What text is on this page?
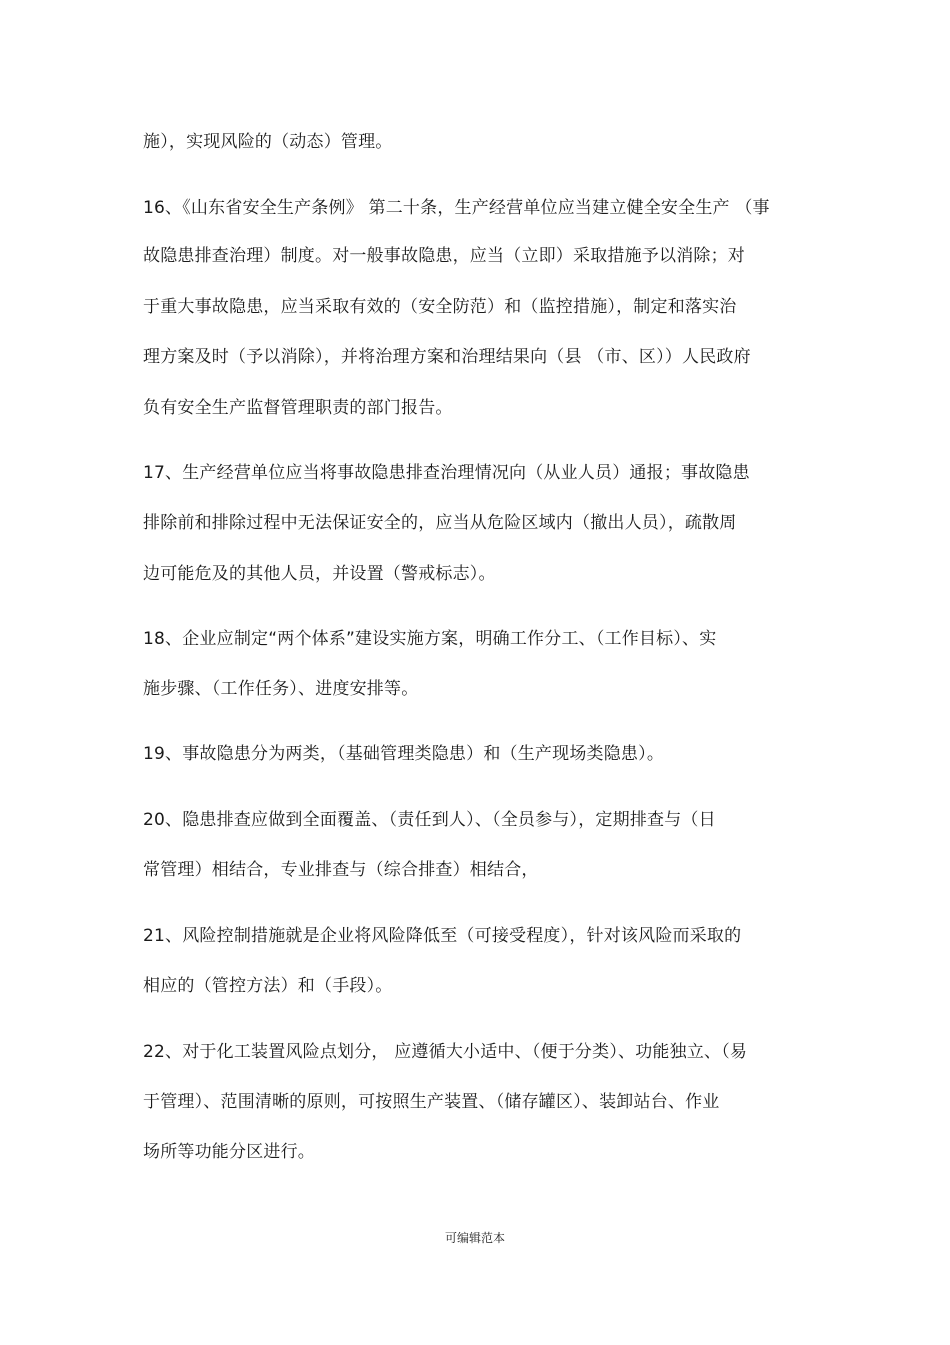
施），实现风险的（动态）管理。
16、《山东省安全生产条例》 第二十条，生产经营单位应当建立健全安全生产 （事
故隐患排查治理）制度。对一般事故隐患，应当（立即）采取措施予以消除；对
于重大事故隐患，应当采取有效的（安全防范）和（监控措施），制定和落实治
理方案及时（予以消除），并将治理方案和治理结果向（县 （市、区））人民政府
负有安全生产监督管理职责的部门报告。
17、生产经营单位应当将事故隐患排查治理情况向（从业人员）通报；事故隐患
排除前和排除过程中无法保证安全的，应当从危险区域内（撤出人员），疏散周
边可能危及的其他人员，并设置（警戒标志）。
18、企业应制定“两个体系”建设实施方案，明确工作分工、（工作目标）、实
施步骤、（工作任务）、进度安排等。
19、事故隐患分为两类，（基础管理类隐患）和（生产现场类隐患）。
20、隐患排查应做到全面覆盖、（责任到人）、（全员参与），定期排查与（日
常管理）相结合，专业排查与（综合排查）相结合，
21、风险控制措施就是企业将风险降低至（可接受程度），针对该风险而采取的
相应的（管控方法）和（手段）。
22、对于化工装置风险点划分， 应遵循大小适中、（便于分类）、功能独立、（易
于管理）、范围清晰的原则，可按照生产装置、（储存罐区）、装卸站台、作业
场所等功能分区进行。
可编辑范本
